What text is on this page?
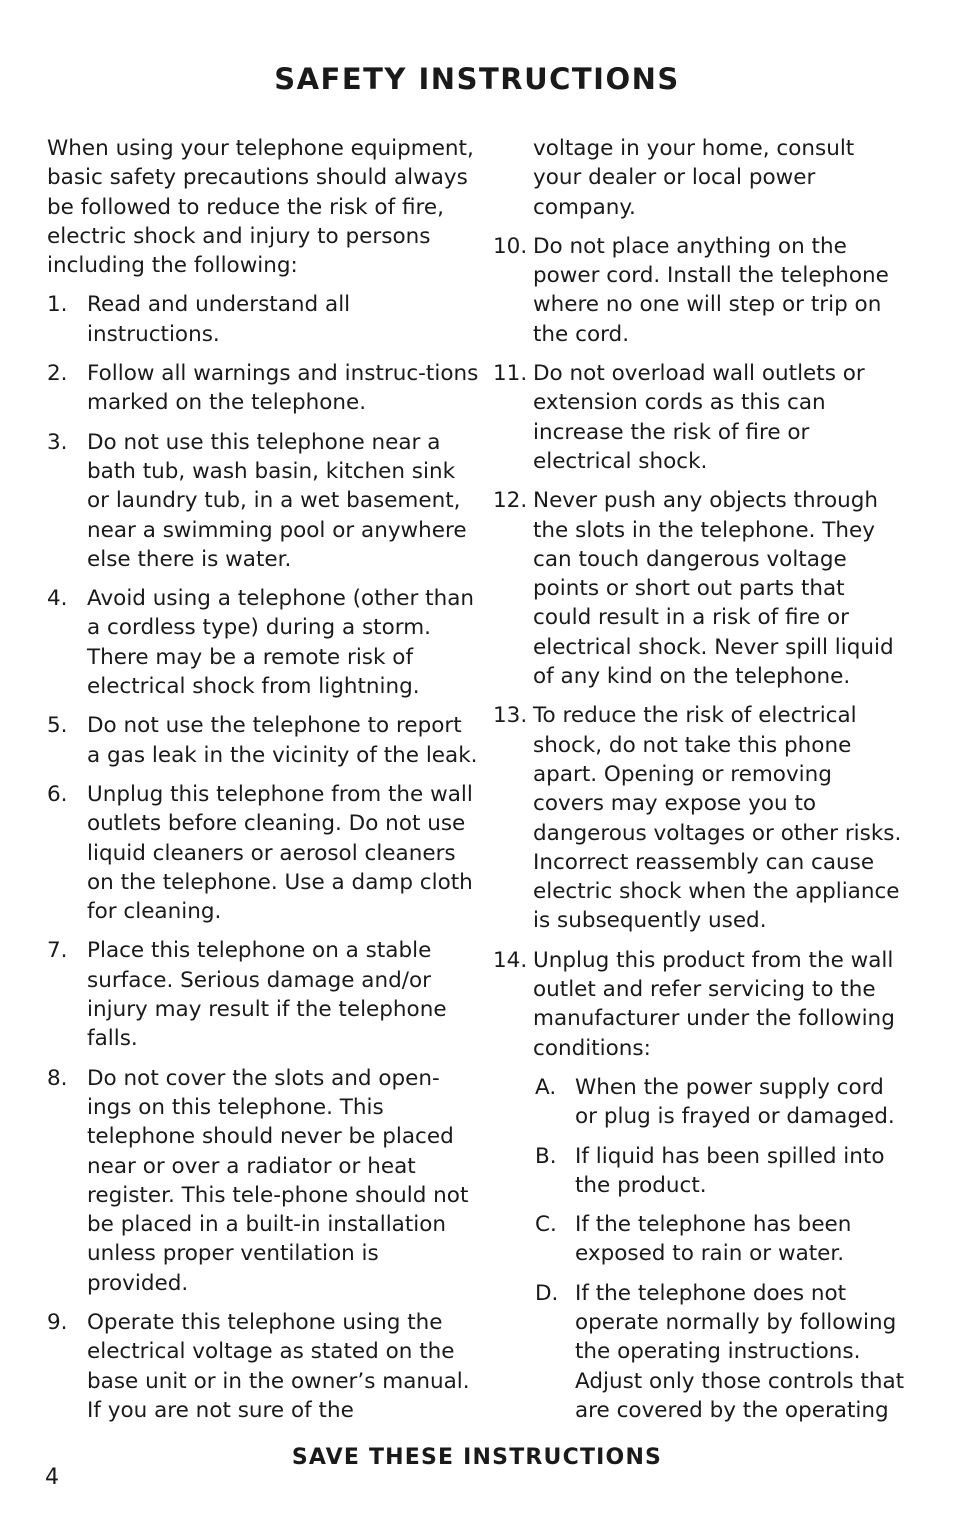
SAFETY INSTRUCTIONS

When using your telephone equipment, basic safety precautions should always be followed to reduce the risk of fire, electric shock and injury to persons including the following:

1. Read and understand all instructions.
2. Follow all warnings and instruc-tions marked on the telephone.
3. Do not use this telephone near a bath tub, wash basin, kitchen sink or laundry tub, in a wet basement, near a swimming pool or anywhere else there is water.
4. Avoid using a telephone (other than a cordless type) during a storm. There may be a remote risk of electrical shock from lightning.
5. Do not use the telephone to report a gas leak in the vicinity of the leak.
6. Unplug this telephone from the wall outlets before cleaning. Do not use liquid cleaners or aerosol cleaners on the telephone. Use a damp cloth for cleaning.
7. Place this telephone on a stable surface. Serious damage and/or injury may result if the telephone falls.
8. Do not cover the slots and open-ings on this telephone. This telephone should never be placed near or over a radiator or heat register. This tele-phone should not be placed in a built-in installation unless proper ventilation is provided.
9. Operate this telephone using the electrical voltage as stated on the base unit or in the owner’s manual. If you are not sure of the

voltage in your home, consult your dealer or local power company.

10. Do not place anything on the power cord. Install the telephone where no one will step or trip on the cord.
11. Do not overload wall outlets or extension cords as this can increase the risk of fire or electrical shock.
12. Never push any objects through the slots in the telephone. They can touch dangerous voltage points or short out parts that could result in a risk of fire or electrical shock. Never spill liquid of any kind on the telephone.
13. To reduce the risk of electrical shock, do not take this phone apart. Opening or removing covers may expose you to dangerous voltages or other risks. Incorrect reassembly can cause electric shock when the appliance is subsequently used.
14. Unplug this product from the wall outlet and refer servicing to the manufacturer under the following conditions:
A. When the power supply cord or plug is frayed or damaged.
B. If liquid has been spilled into the product.
C. If the telephone has been exposed to rain or water.
D. If the telephone does not operate normally by following the operating instructions. Adjust only those controls that are covered by the operating
SAVE THESE INSTRUCTIONS
4
